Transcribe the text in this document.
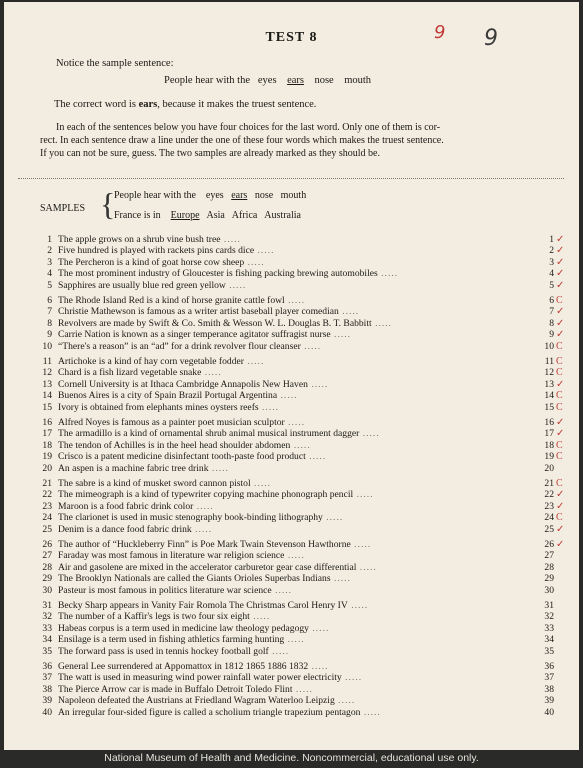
TEST 8	9 9
Notice the sample sentence:
People hear with the eyes ears nose mouth
The correct word is ears, because it makes the truest sentence.
In each of the sentences below you have four choices for the last word. Only one of them is cor-
rect. In each sentence draw a line under the one of these four words which makes the truest sentence.
If you can not be sure, guess. The two samples are already marked as they should be.
SAMPLES {
People hear with the eyes ears nose mouth
France is in Europe Asia Africa Australia
1 The apple grows on a shrub vine bush tree .....	1 ✓
2 Five hundred is played with rackets pins cards dice .....	2 ✓
3 The Percheron is a kind of goat horse cow sheep .....	3 ✓
4 The most prominent industry of Gloucester is fishing packing brewing automobiles .....	4 ✓
5 Sapphires are usually blue red green yellow .....	5 ✓
6 The Rhode Island Red is a kind of horse granite cattle fowl .....	6 C
7 Christie Mathewson is famous as a writer artist baseball player comedian .....	7 ✓
8 Revolvers are made by Swift & Co. Smith & Wesson W. L. Douglas B. T. Babbitt .....	8 ✓
9 Carrie Nation is known as a singer temperance agitator suffragist nurse .....	9 ✓
10 “There's a reason” is an “ad” for a drink revolver flour cleanser .....	10 C
11 Artichoke is a kind of hay corn vegetable fodder .....	11 C
12 Chard is a fish lizard vegetable snake .....	12 C
13 Cornell University is at Ithaca Cambridge Annapolis New Haven .....	13 ✓
14 Buenos Aires is a city of Spain Brazil Portugal Argentina .....	14 C
15 Ivory is obtained from elephants mines oysters reefs .....	15 C
16 Alfred Noyes is famous as a painter poet musician sculptor .....	16 ✓
17 The armadillo is a kind of ornamental shrub animal musical instrument dagger .....	17 ✓
18 The tendon of Achilles is in the heel head shoulder abdomen .....	18 C
19 Crisco is a patent medicine disinfectant tooth-paste food product .....	19 C
20 An aspen is a machine fabric tree drink .....	20
21 The sabre is a kind of musket sword cannon pistol .....	21 C
22 The mimeograph is a kind of typewriter copying machine phonograph pencil .....	22 ✓
23 Maroon is a food fabric drink color .....	23 ✓
24 The clarionet is used in music stenography book-binding lithography .....	24 C
25 Denim is a dance food fabric drink .....	25 ✓
26 The author of “Huckleberry Finn” is Poe Mark Twain Stevenson Hawthorne .....	26 ✓
27 Faraday was most famous in literature war religion science .....	27
28 Air and gasolene are mixed in the accelerator carburetor gear case differential .....	28
29 The Brooklyn Nationals are called the Giants Orioles Superbas Indians .....	29
30 Pasteur is most famous in politics literature war science .....	30
31 Becky Sharp appears in Vanity Fair Romola The Christmas Carol Henry IV .....	31
32 The number of a Kaffir's legs is two four six eight .....	32
33 Habeas corpus is a term used in medicine law theology pedagogy .....	33
34 Ensilage is a term used in fishing athletics farming hunting .....	34
35 The forward pass is used in tennis hockey football golf .....	35
36 General Lee surrendered at Appomattox in 1812 1865 1886 1832 .....	36
37 The watt is used in measuring wind power rainfall water power electricity .....	37
38 The Pierce Arrow car is made in Buffalo Detroit Toledo Flint .....	38
39 Napoleon defeated the Austrians at Friedland Wagram Waterloo Leipzig .....	39
40 An irregular four-sided figure is called a scholium triangle trapezium pentagon .....	40
National Museum of Health and Medicine. Noncommercial, educational use only.
